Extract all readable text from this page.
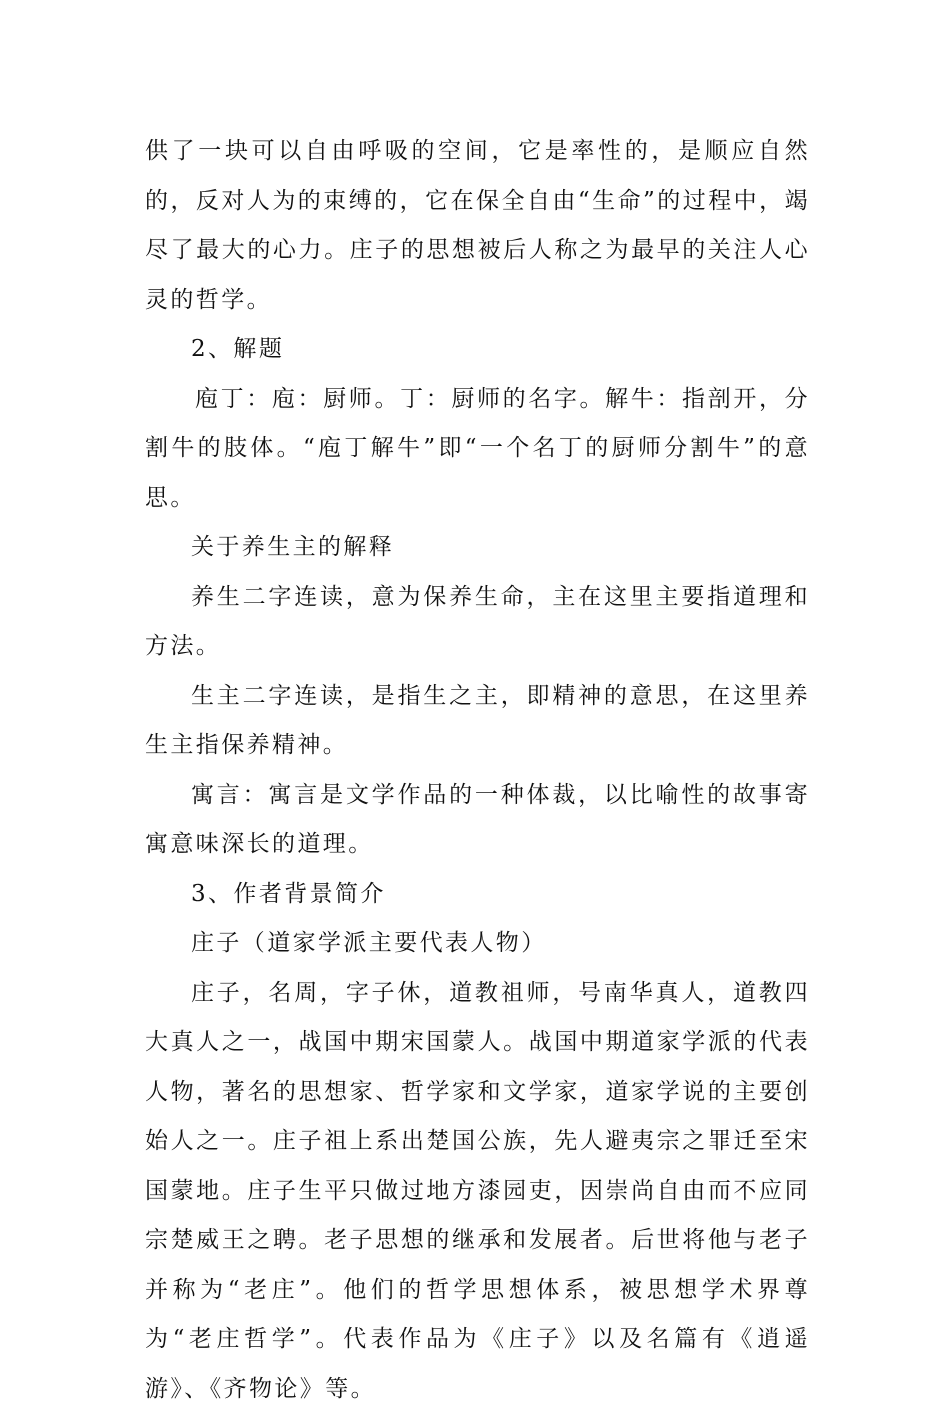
供了一块可以自由呼吸的空间，它是率性的，是顺应自然的，反对人为的束缚的，它在保全自由“生命”的过程中，竭尽了最大的心力。庄子的思想被后人称之为最早的关注人心灵的哲学。

2、解题

庖丁：庖：厨师。丁：厨师的名字。解牛：指剖开，分割牛的肢体。“庖丁解牛”即“一个名丁的厨师分割牛”的意思。

关于养生主的解释

养生二字连读，意为保养生命，主在这里主要指道理和方法。

生主二字连读，是指生之主，即精神的意思，在这里养生主指保养精神。

寓言：寓言是文学作品的一种体裁，以比喻性的故事寄寓意味深长的道理。

3、作者背景简介

庄子（道家学派主要代表人物）

庄子，名周，字子休，道教祖师，号南华真人，道教四大真人之一，战国中期宋国蒙人。战国中期道家学派的代表人物，著名的思想家、哲学家和文学家，道家学说的主要创始人之一。庄子祖上系出楚国公族，先人避夷宗之罪迁至宋国蒙地。庄子生平只做过地方漆园吏，因崇尚自由而不应同宗楚威王之聘。老子思想的继承和发展者。后世将他与老子并称为“老庄”。他们的哲学思想体系，被思想学术界尊为“老庄哲学”。代表作品为《庄子》以及名篇有《逍遥游》、《齐物论》等。
